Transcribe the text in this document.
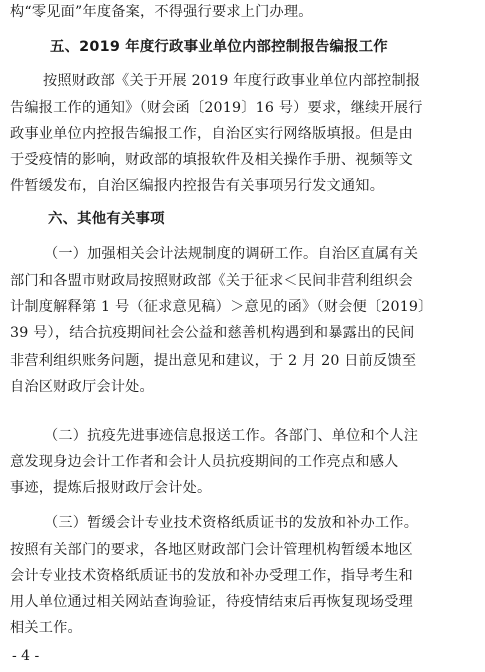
构“零见面”年度备案，不得强行要求上门办理。
五、2019 年度行政事业单位内部控制报告编报工作
按照财政部《关于开展 2019 年度行政事业单位内部控制报
告编报工作的通知》（财会函〔2019〕16 号）要求，继续开展行
政事业单位内控报告编报工作，自治区实行网络版填报。但是由
于受疫情的影响，财政部的填报软件及相关操作手册、视频等文
件暂缓发布，自治区编报内控报告有关事项另行发文通知。
六、其他有关事项
（一）加强相关会计法规制度的调研工作。自治区直属有关
部门和各盟市财政局按照财政部《关于征求＜民间非营利组织会
计制度解释第 1 号（征求意见稿）＞意见的函》（财会便〔2019〕
39 号），结合抗疫期间社会公益和慈善机构遇到和暴露出的民间
非营利组织账务问题，提出意见和建议，于 2 月 20 日前反馈至
自治区财政厅会计处。
（二）抗疫先进事迹信息报送工作。各部门、单位和个人注
意发现身边会计工作者和会计人员抗疫期间的工作亮点和感人
事迹，提炼后报财政厅会计处。
（三）暂缓会计专业技术资格纸质证书的发放和补办工作。
按照有关部门的要求，各地区财政部门会计管理机构暂缓本地区
会计专业技术资格纸质证书的发放和补办受理工作，指导考生和
用人单位通过相关网站查询验证，待疫情结束后再恢复现场受理
相关工作。
- 4 -
